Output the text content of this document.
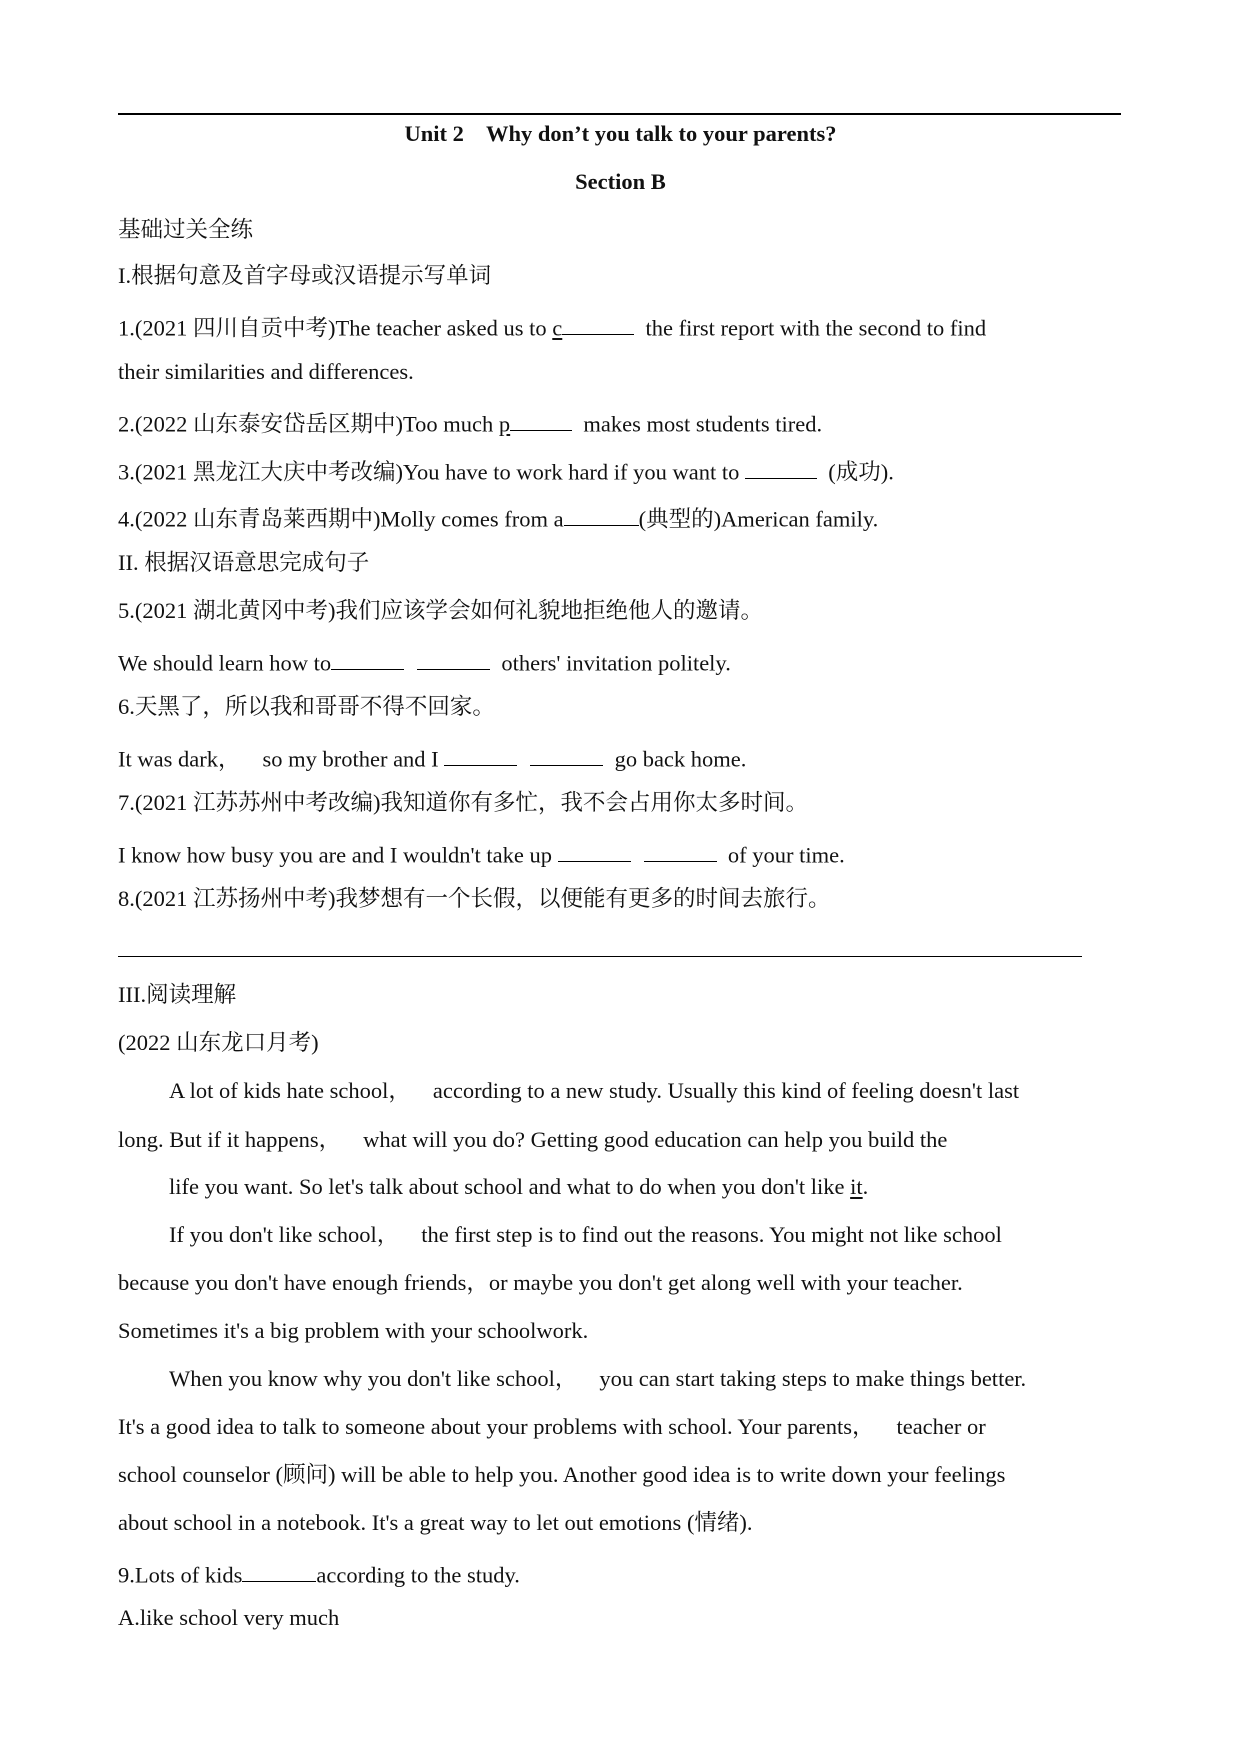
Unit 2    Why don’t you talk to your parents?
Section B
基础过关全练
I.根据句意及首字母或汉语提示写单词
1.(2021 四川自贡中考)The teacher asked us to c	the first report with the second to find
their similarities and differences.
2.(2022 山东泰安岱岳区期中)Too much p	makes most students tired.
3.(2021 黑龙江大庆中考改编)You have to work hard if you want to	(成功).
4.(2022 山东青岛莱西期中)Molly comes from a	(典型的)American family.
II. 根据汉语意思完成句子
5.(2021 湖北黄冈中考)我们应该学会如何礼貌地拒绝他人的邀请。
We should learn how to	others' invitation politely.
6.天黑了，所以我和哥哥不得不回家。
It was dark， so my brother and I	go back home.
7.(2021 江苏苏州中考改编)我知道你有多忙，我不会占用你太多时间。
I know how busy you are and I wouldn't take up	of your time.
8.(2021 江苏扬州中考)我梦想有一个长假，以便能有更多的时间去旅行。
III.阅读理解
(2022 山东龙口月考)
A lot of kids hate school， according to a new study. Usually this kind of feeling doesn't last
long. But if it happens， what will you do? Getting good education can help you build the
life you want. So let's talk about school and what to do when you don't like it.
If you don't like school， the first step is to find out the reasons. You might not like school
because you don't have enough friends，or maybe you don't get along well with your teacher.
Sometimes it's a big problem with your schoolwork.
When you know why you don't like school， you can start taking steps to make things better.
It's a good idea to talk to someone about your problems with school. Your parents， teacher or
school counselor (顾问) will be able to help you. Another good idea is to write down your feelings
about school in a notebook. It's a great way to let out emotions (情绪).
9.Lots of kids	according to the study.
A.like school very much
